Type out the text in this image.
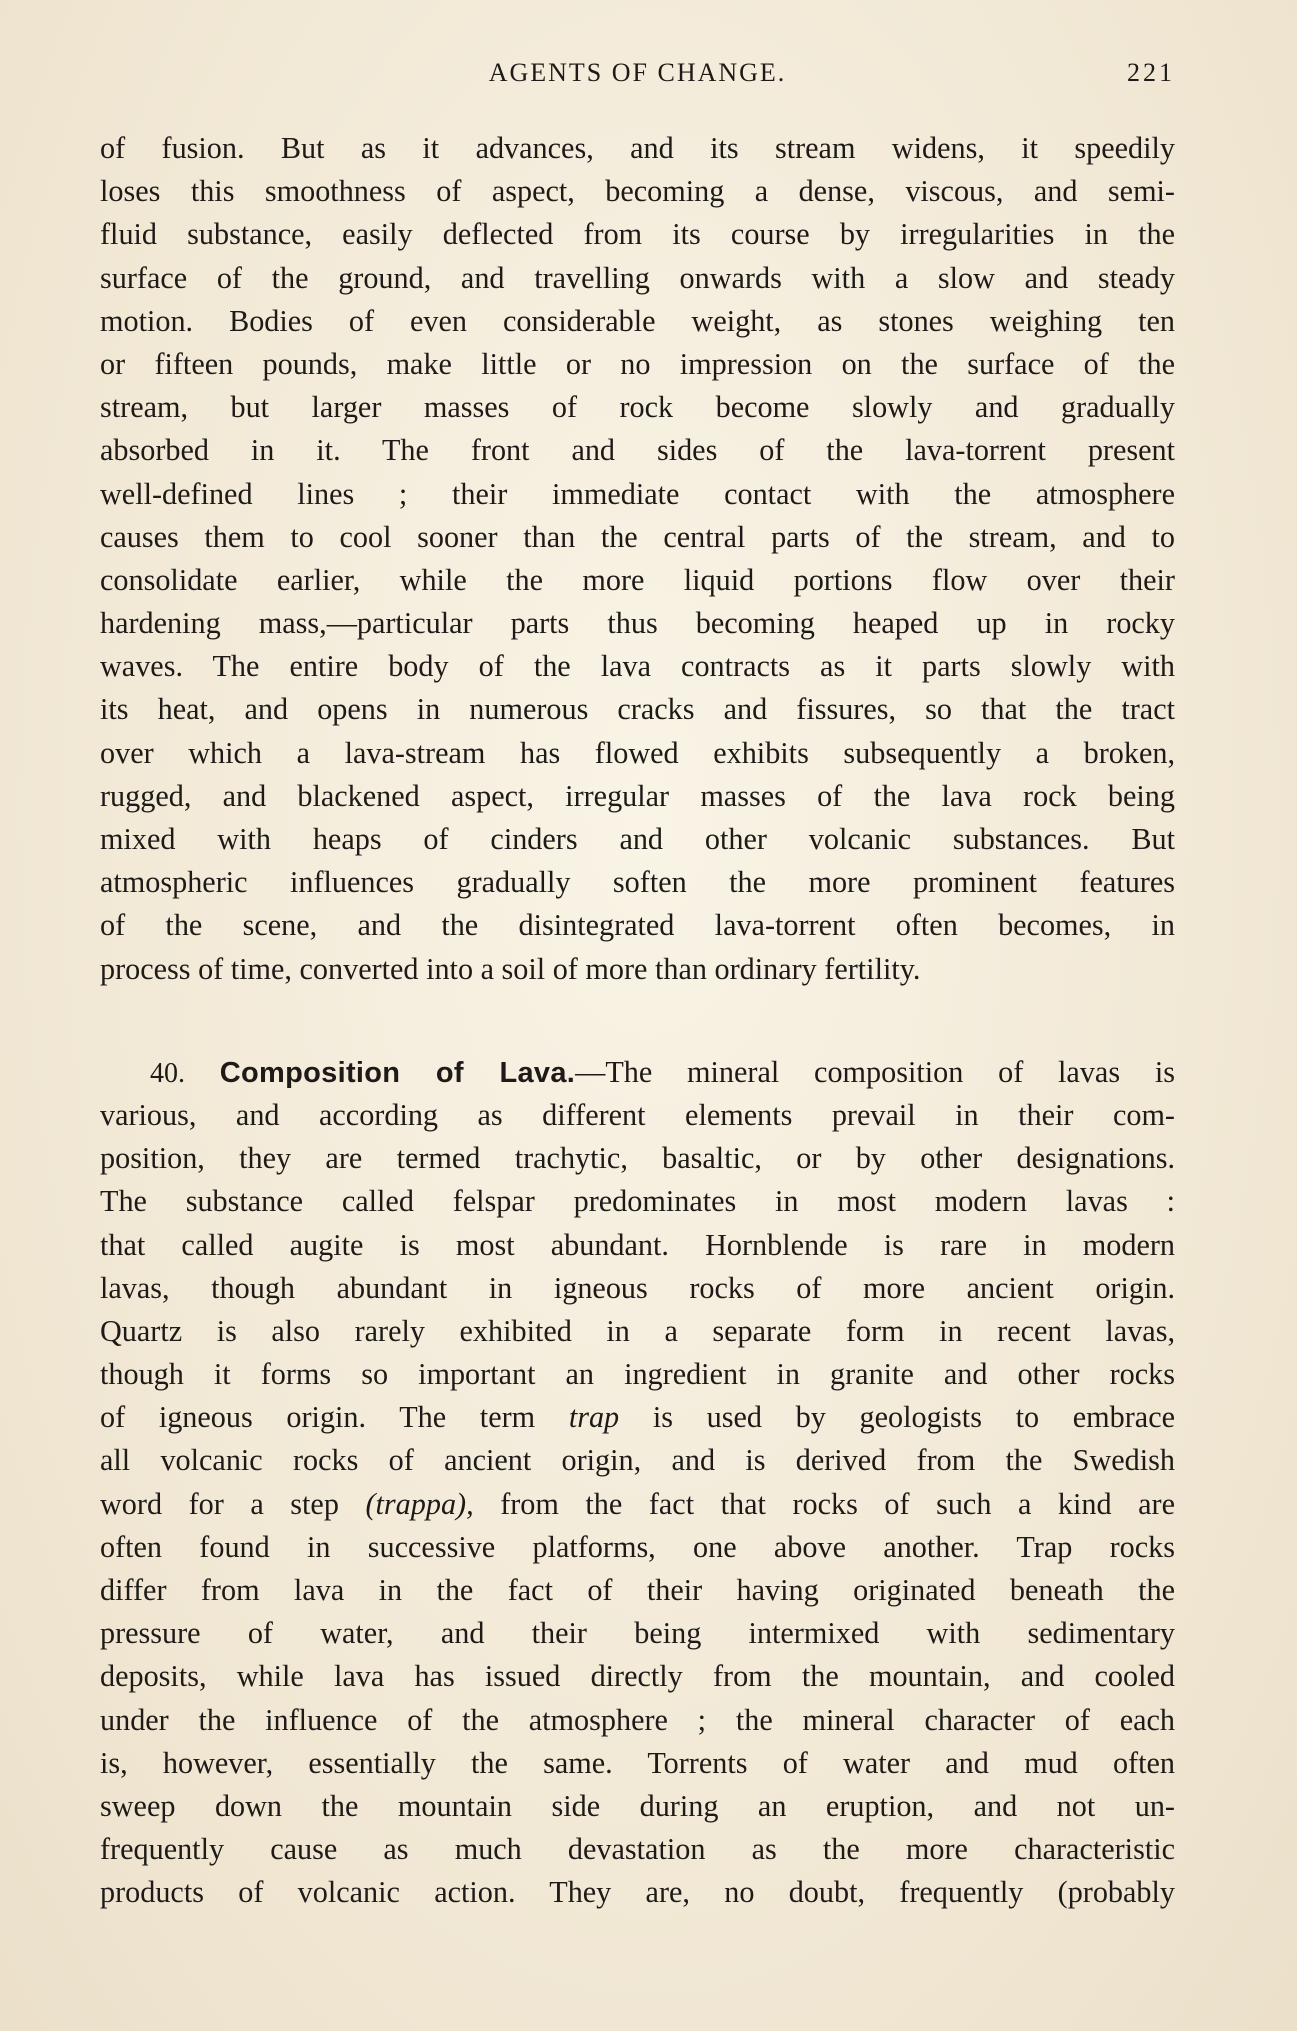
AGENTS OF CHANGE.	221
of fusion. But as it advances, and its stream widens, it speedily
loses this smoothness of aspect, becoming a dense, viscous, and semi-
fluid substance, easily deflected from its course by irregularities in the
surface of the ground, and travelling onwards with a slow and steady
motion. Bodies of even considerable weight, as stones weighing ten
or fifteen pounds, make little or no impression on the surface of the
stream, but larger masses of rock become slowly and gradually
absorbed in it. The front and sides of the lava-torrent present
well-defined lines ; their immediate contact with the atmosphere
causes them to cool sooner than the central parts of the stream, and to
consolidate earlier, while the more liquid portions flow over their
hardening mass,—particular parts thus becoming heaped up in rocky
waves. The entire body of the lava contracts as it parts slowly with
its heat, and opens in numerous cracks and fissures, so that the tract
over which a lava-stream has flowed exhibits subsequently a broken,
rugged, and blackened aspect, irregular masses of the lava rock being
mixed with heaps of cinders and other volcanic substances. But
atmospheric influences gradually soften the more prominent features
of the scene, and the disintegrated lava-torrent often becomes, in
process of time, converted into a soil of more than ordinary fertility.
40. Composition of Lava.—The mineral composition of lavas is
various, and according as different elements prevail in their com-
position, they are termed trachytic, basaltic, or by other designations.
The substance called felspar predominates in most modern lavas :
that called augite is most abundant. Hornblende is rare in modern
lavas, though abundant in igneous rocks of more ancient origin.
Quartz is also rarely exhibited in a separate form in recent lavas,
though it forms so important an ingredient in granite and other rocks
of igneous origin. The term trap is used by geologists to embrace
all volcanic rocks of ancient origin, and is derived from the Swedish
word for a step (trappa), from the fact that rocks of such a kind are
often found in successive platforms, one above another. Trap rocks
differ from lava in the fact of their having originated beneath the
pressure of water, and their being intermixed with sedimentary
deposits, while lava has issued directly from the mountain, and cooled
under the influence of the atmosphere ; the mineral character of each
is, however, essentially the same. Torrents of water and mud often
sweep down the mountain side during an eruption, and not un-
frequently cause as much devastation as the more characteristic
products of volcanic action. They are, no doubt, frequently (probably
